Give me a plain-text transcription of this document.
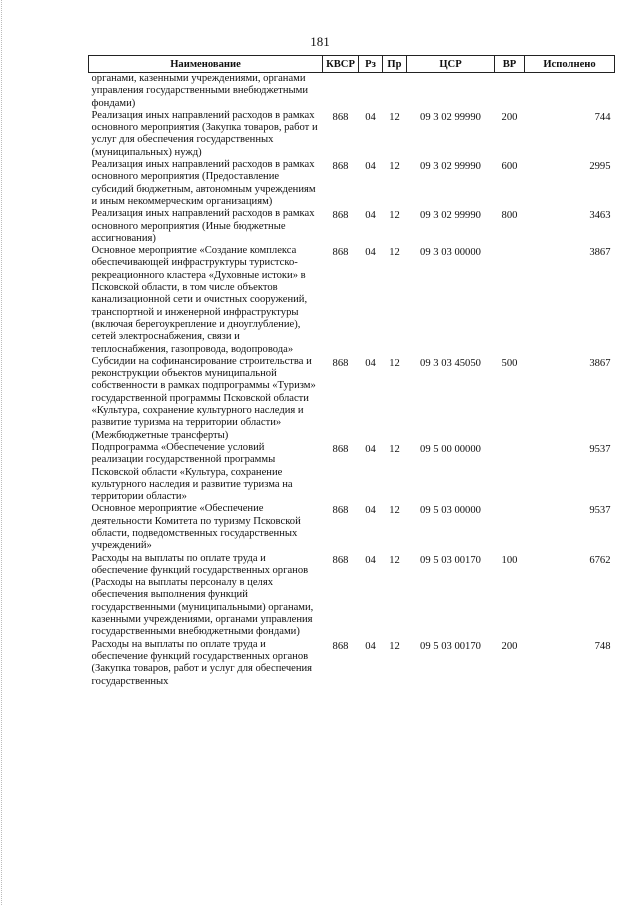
181
Наименование	КВСР	Рз	Пр	ЦСР	ВР	Исполнено
органами, казенными учреждениями, органами управления государственными внебюджетными фондами)						
Реализация иных направлений расходов в рамках основного мероприятия (Закупка товаров, работ и услуг для обеспечения государственных (муниципальных) нужд)	868	04	12	09 3 02 99990	200	744
Реализация иных направлений расходов в рамках основного мероприятия (Предоставление субсидий бюджетным, автономным учреждениям и иным некоммерческим организациям)	868	04	12	09 3 02 99990	600	2995
Реализация иных направлений расходов в рамках основного мероприятия (Иные бюджетные ассигнования)	868	04	12	09 3 02 99990	800	3463
Основное мероприятие «Создание комплекса обеспечивающей инфраструктуры туристско-рекреационного кластера «Духовные истоки» в Псковской области, в том числе объектов канализационной сети и очистных сооружений, транспортной и инженерной инфраструктуры (включая берегоукрепление и дноуглубление), сетей электроснабжения, связи и теплоснабжения, газопровода, водопровода»	868	04	12	09 3 03 00000		3867
Субсидии на софинансирование строительства и реконструкции объектов муниципальной собственности в рамках подпрограммы «Туризм» государственной программы Псковской области «Культура, сохранение культурного наследия и развитие туризма на территории области» (Межбюджетные трансферты)	868	04	12	09 3 03 45050	500	3867
Подпрограмма «Обеспечение условий реализации государственной программы Псковской области «Культура, сохранение культурного наследия и развитие туризма на территории области»	868	04	12	09 5 00 00000		9537
Основное мероприятие «Обеспечение деятельности Комитета по туризму Псковской области, подведомственных государственных учреждений»	868	04	12	09 5 03 00000		9537
Расходы на выплаты по оплате труда и обеспечение функций государственных органов (Расходы на выплаты персоналу в целях обеспечения выполнения функций государственными (муниципальными) органами, казенными учреждениями, органами управления государственными внебюджетными фондами)	868	04	12	09 5 03 00170	100	6762
Расходы на выплаты по оплате труда и обеспечение функций государственных органов (Закупка товаров, работ и услуг для обеспечения государственных	868	04	12	09 5 03 00170	200	748
